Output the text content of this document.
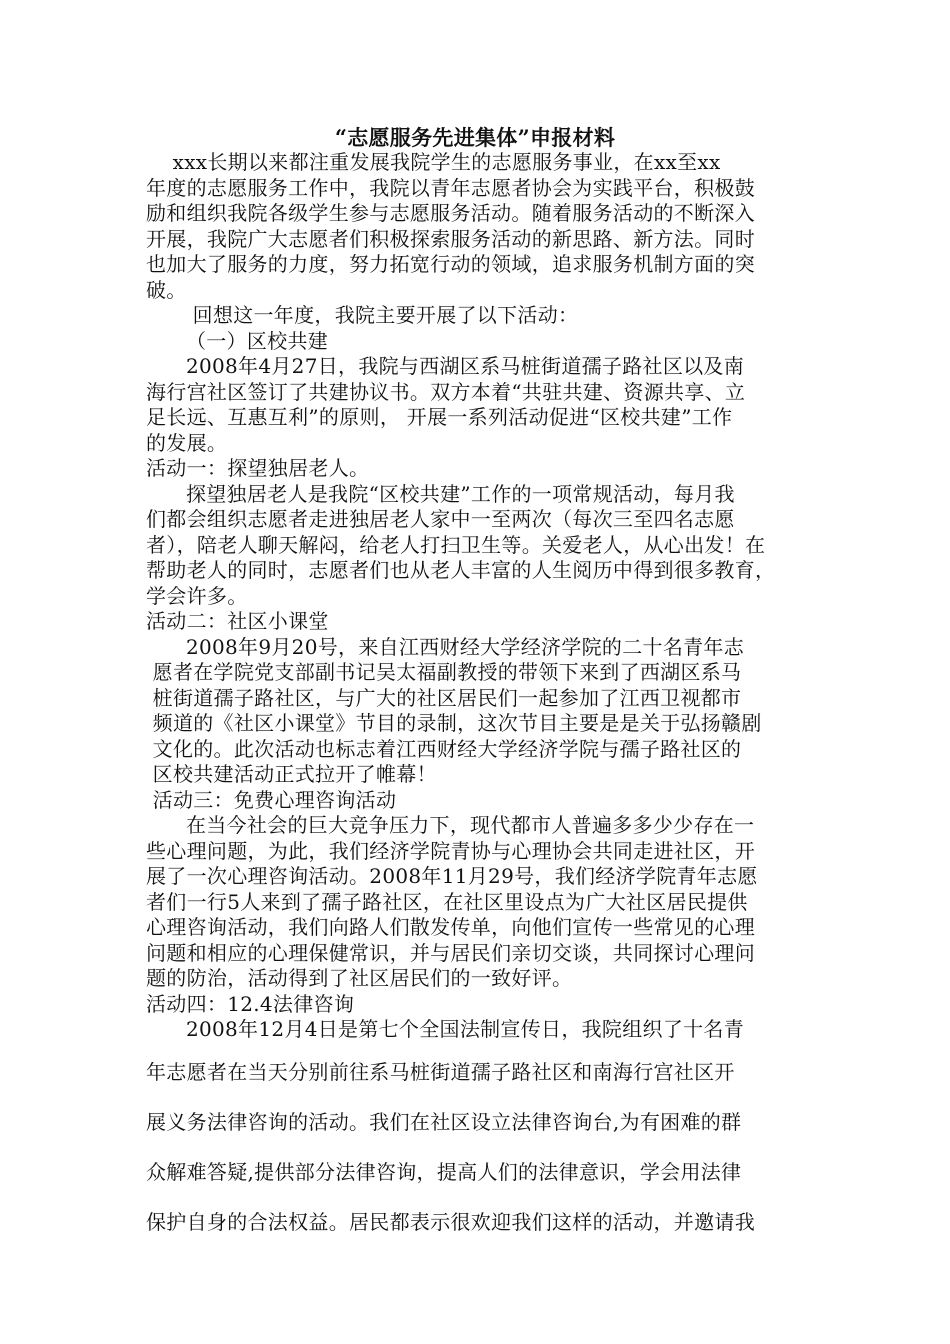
“志愿服务先进集体”申报材料
xxx长期以来都注重发展我院学生的志愿服务事业，在xx至xx
年度的志愿服务工作中，我院以青年志愿者协会为实践平台，积极鼓
励和组织我院各级学生参与志愿服务活动。随着服务活动的不断深入
开展，我院广大志愿者们积极探索服务活动的新思路、新方法。同时
也加大了服务的力度，努力拓宽行动的领域，追求服务机制方面的突
破。
回想这一年度，我院主要开展了以下活动：
（一）区校共建
2008年4月27日，我院与西湖区系马桩街道孺子路社区以及南
海行宫社区签订了共建协议书。双方本着“共驻共建、资源共享、立
足长远、互惠互利”的原则， 开展一系列活动促进“区校共建”工作
的发展。
活动一：探望独居老人。
探望独居老人是我院“区校共建”工作的一项常规活动，每月我
们都会组织志愿者走进独居老人家中一至两次（每次三至四名志愿
者），陪老人聊天解闷，给老人打扫卫生等。关爱老人，从心出发！在
帮助老人的同时，志愿者们也从老人丰富的人生阅历中得到很多教育，
学会许多。
活动二：社区小课堂
2008年9月20号，来自江西财经大学经济学院的二十名青年志
愿者在学院党支部副书记吴太福副教授的带领下来到了西湖区系马
桩街道孺子路社区，与广大的社区居民们一起参加了江西卫视都市
频道的《社区小课堂》节目的录制，这次节目主要是是关于弘扬赣剧
文化的。此次活动也标志着江西财经大学经济学院与孺子路社区的
区校共建活动正式拉开了帷幕！
活动三：免费心理咨询活动
在当今社会的巨大竞争压力下，现代都市人普遍多多少少存在一
些心理问题，为此，我们经济学院青协与心理协会共同走进社区，开
展了一次心理咨询活动。2008年11月29号，我们经济学院青年志愿
者们一行5人来到了孺子路社区，在社区里设点为广大社区居民提供
心理咨询活动，我们向路人们散发传单，向他们宣传一些常见的心理
问题和相应的心理保健常识，并与居民们亲切交谈，共同探讨心理问
题的防治，活动得到了社区居民们的一致好评。
活动四：12.4法律咨询
2008年12月4日是第七个全国法制宣传日，我院组织了十名青
年志愿者在当天分别前往系马桩街道孺子路社区和南海行宫社区开
展义务法律咨询的活动。我们在社区设立法律咨询台,为有困难的群
众解难答疑,提供部分法律咨询，提高人们的法律意识，学会用法律
保护自身的合法权益。居民都表示很欢迎我们这样的活动，并邀请我
